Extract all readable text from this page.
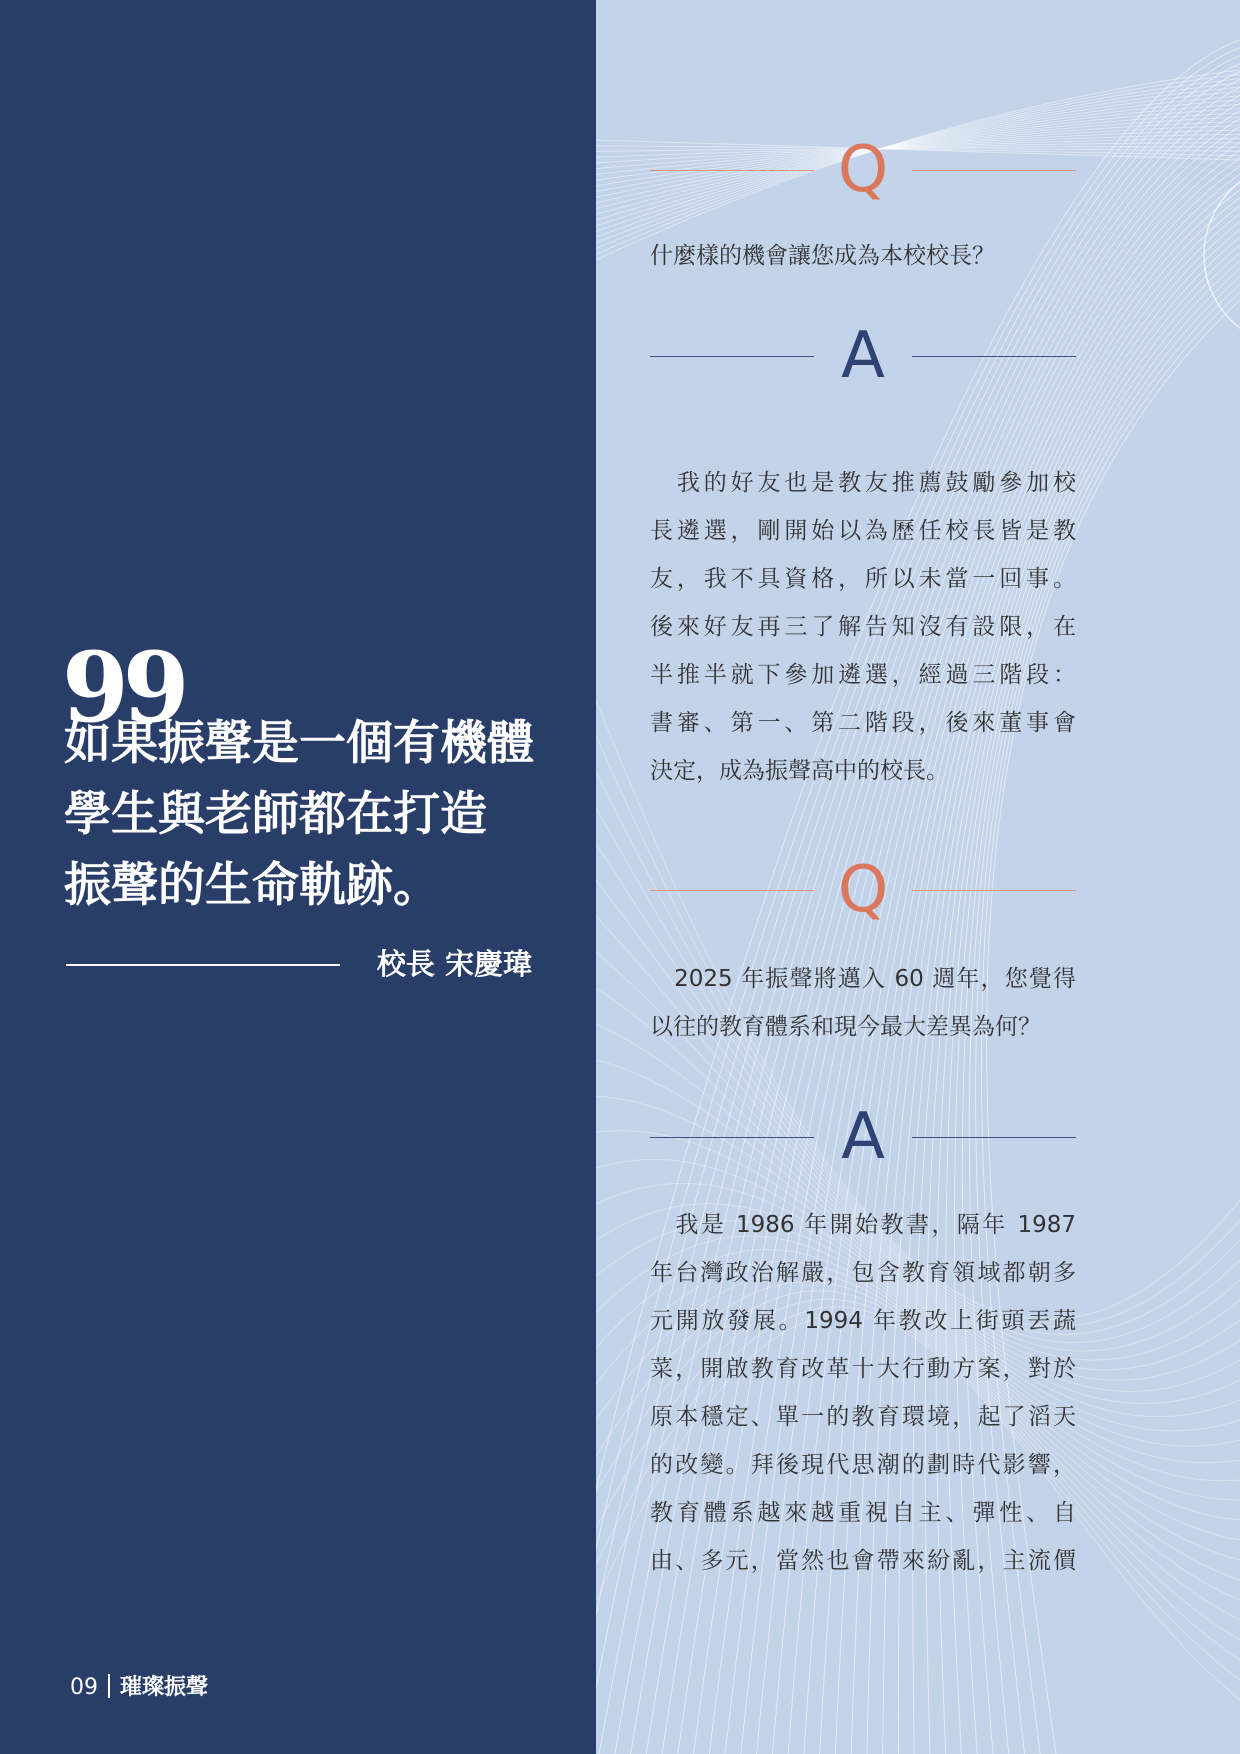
99
如果振聲是一個有機體
學生與老師都在打造
振聲的生命軌跡。
校長 宋慶瑋
09 璀璨振聲
Q
什麼樣的機會讓您成為本校校長？
A
　我的好友也是教友推薦鼓勵參加校
長遴選，剛開始以為歷任校長皆是教
友，我不具資格，所以未當一回事。
後來好友再三了解告知沒有設限，在
半推半就下參加遴選，經過三階段：
書審、第一、第二階段，後來董事會
決定，成為振聲高中的校長。
Q
　2025 年振聲將邁入 60 週年，您覺得
以往的教育體系和現今最大差異為何？
A
　我是 1986 年開始教書，隔年 1987
年台灣政治解嚴，包含教育領域都朝多
元開放發展。1994 年教改上街頭丟蔬
菜，開啟教育改革十大行動方案，對於
原本穩定、單一的教育環境，起了滔天
的改變。拜後現代思潮的劃時代影響，
教育體系越來越重視自主、彈性、自
由、多元，當然也會帶來紛亂，主流價
